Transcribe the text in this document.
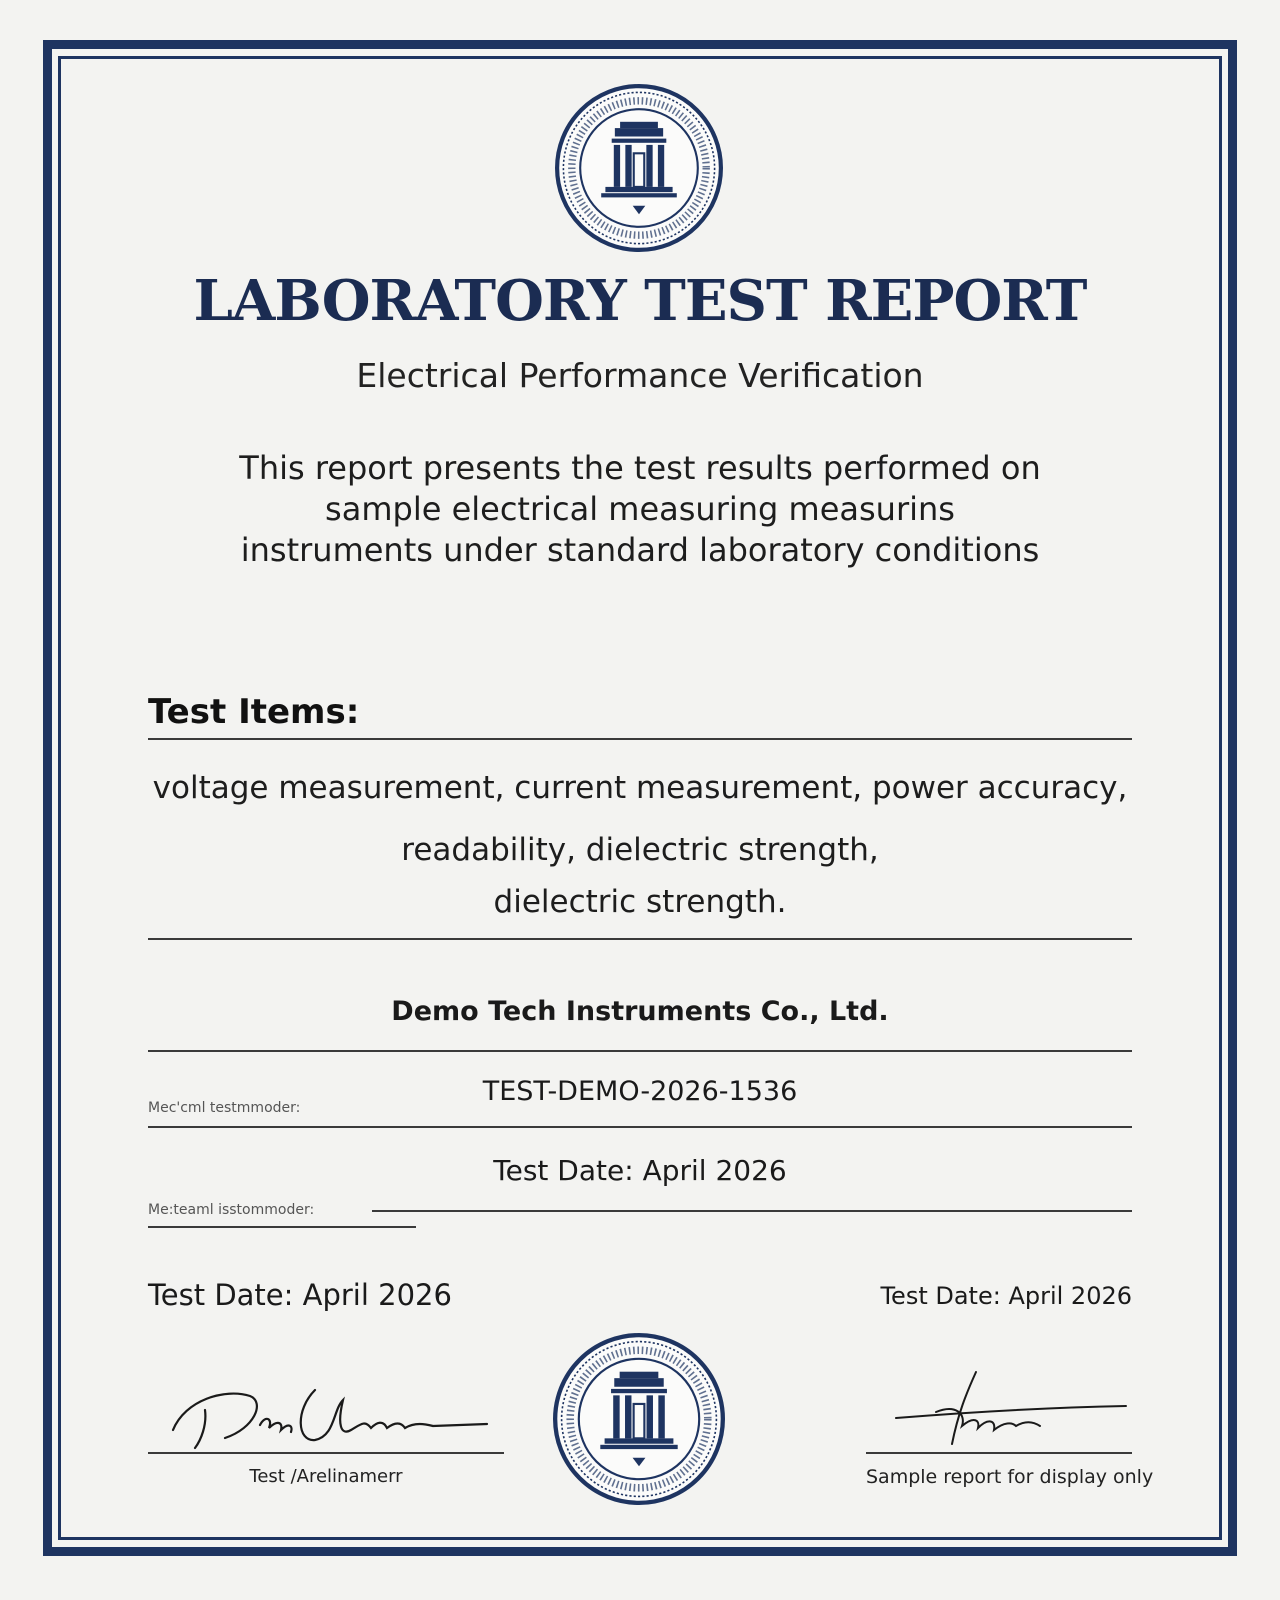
LABORATORY TEST REPORT
Electrical Performance Verification
This report presents the test results performed on
sample electrical measuring measurins
instruments under standard laboratory conditions
Test Items:
voltage measurement, current measurement, power accuracy,
readability, dielectric strength,
dielectric strength.
Demo Tech Instruments Co., Ltd.
Mec'cml testmmoder:
TEST-DEMO-2026-1536
Test Date: April 2026
Me:teaml isstommoder:
Test Date: April 2026	Test Date: April 2026
Test /Arelinamerr	Sample report for display only
